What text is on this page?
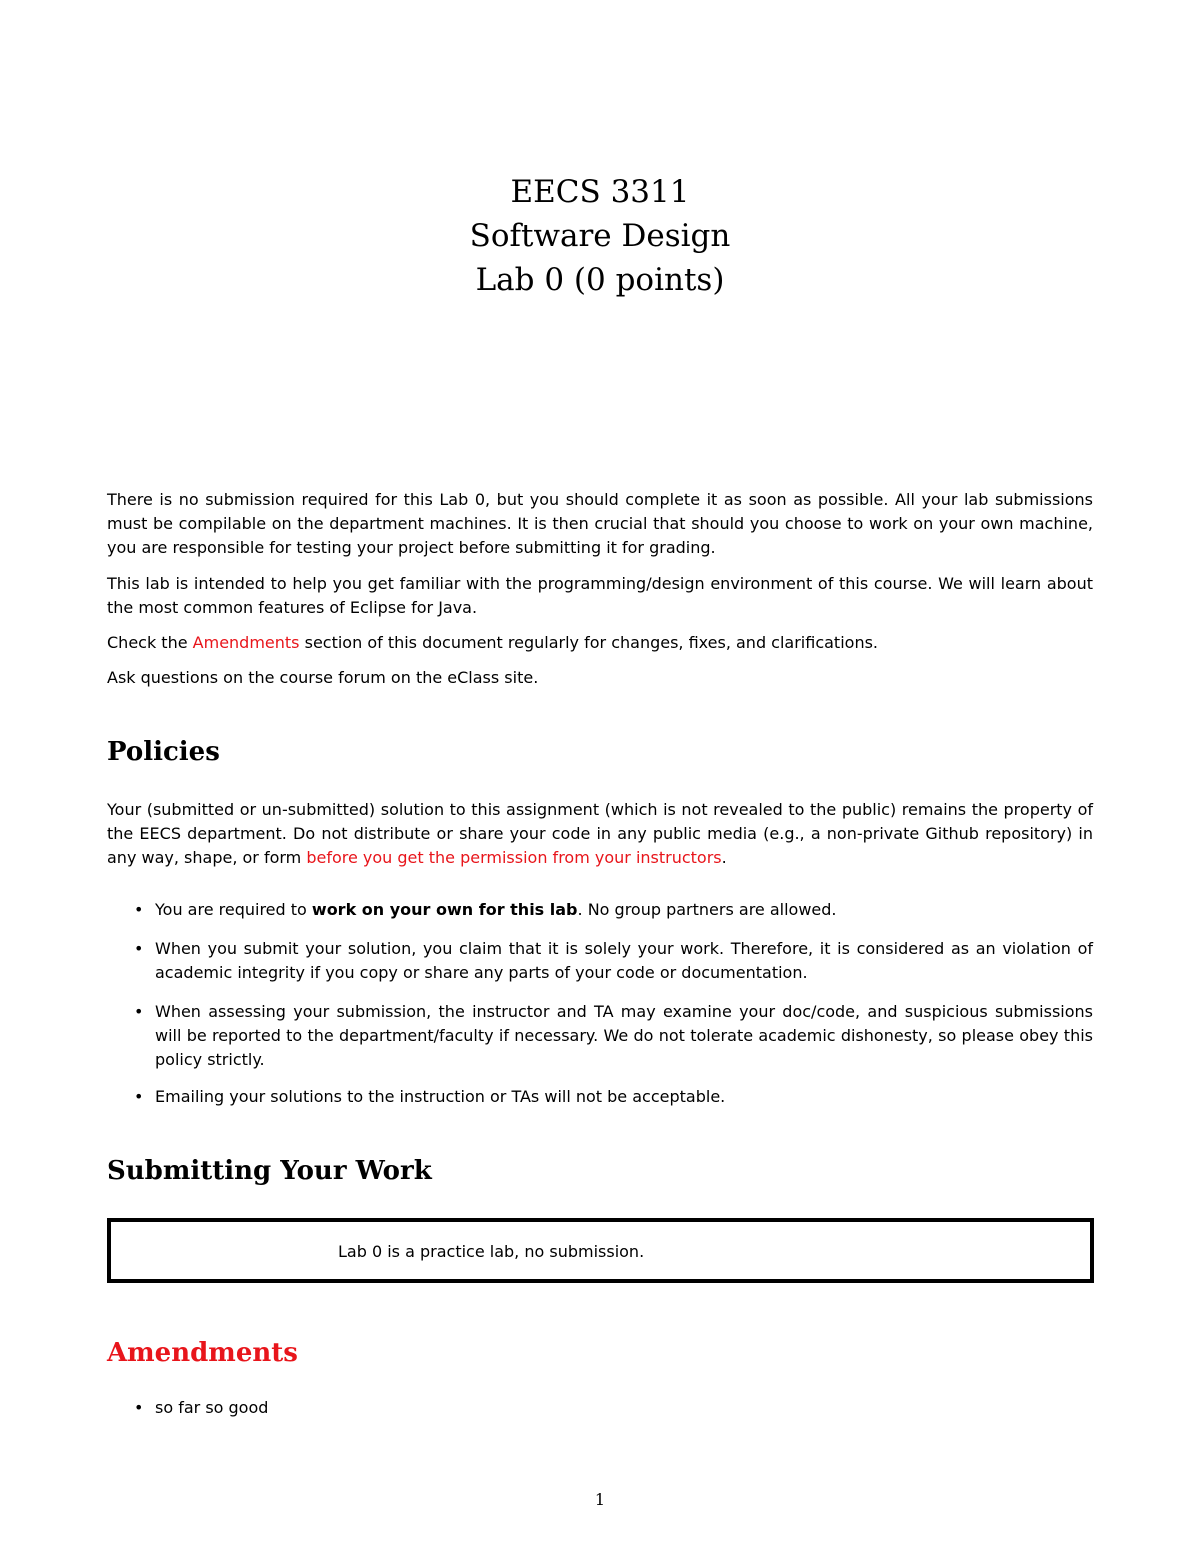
EECS 3311
Software Design
Lab 0 (0 points)

There is no submission required for this Lab 0, but you should complete it as soon as possible. All your lab submissions must be compilable on the department machines. It is then crucial that should you choose to work on your own machine, you are responsible for testing your project before submitting it for grading.

This lab is intended to help you get familiar with the programming/design environment of this course. We will learn about the most common features of Eclipse for Java.

Check the Amendments section of this document regularly for changes, fixes, and clarifications.

Ask questions on the course forum on the eClass site.

Policies

Your (submitted or un-submitted) solution to this assignment (which is not revealed to the public) remains the property of the EECS department. Do not distribute or share your code in any public media (e.g., a non-private Github repository) in any way, shape, or form before you get the permission from your instructors.

• You are required to work on your own for this lab. No group partners are allowed.
• When you submit your solution, you claim that it is solely your work. Therefore, it is considered as an violation of academic integrity if you copy or share any parts of your code or documentation.
• When assessing your submission, the instructor and TA may examine your doc/code, and suspicious submissions will be reported to the department/faculty if necessary. We do not tolerate academic dishonesty, so please obey this policy strictly.
• Emailing your solutions to the instruction or TAs will not be acceptable.
Submitting Your Work
Lab 0 is a practice lab, no submission.
Amendments
• so far so good
1
